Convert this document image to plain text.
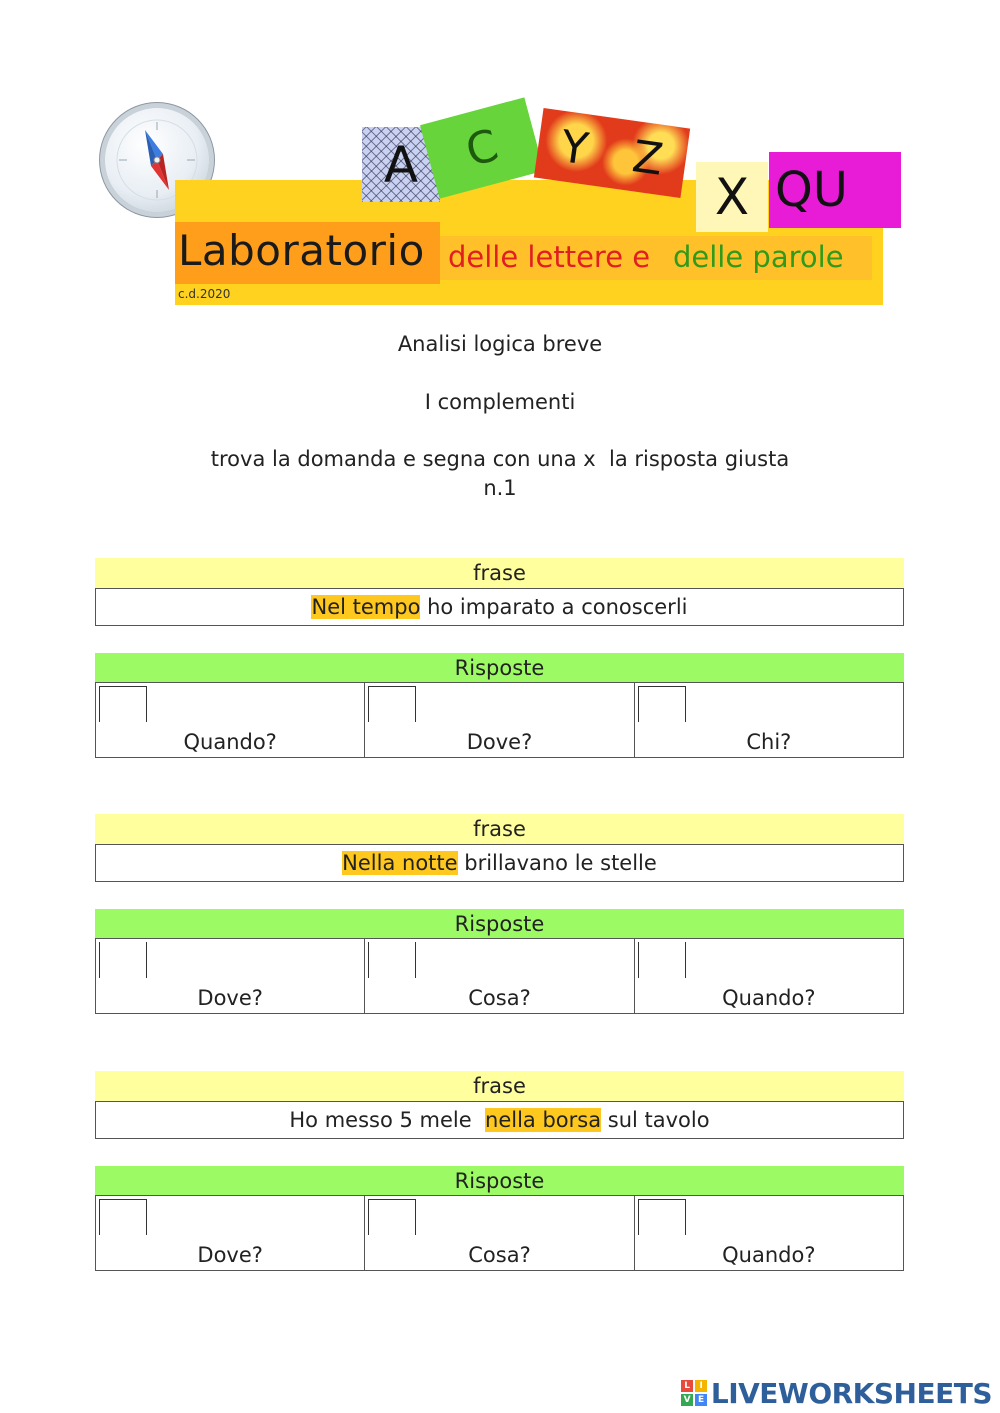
A C Y Z
X QU
Laboratorio delle lettere e delle parole
c.d.2020
Analisi logica breve
I complementi
trova la domanda e segna con una x  la risposta giusta
n.1
frase
Nel tempo ho imparato a conoscerli
Risposte
Quando?	Dove?	Chi?
frase
Nella notte brillavano le stelle
Risposte
Dove?	Cosa?	Quando?
frase
Ho messo 5 mele  nella borsa sul tavolo
Risposte
Dove?	Cosa?	Quando?
L	I
V E LIVEWORKSHEETS
